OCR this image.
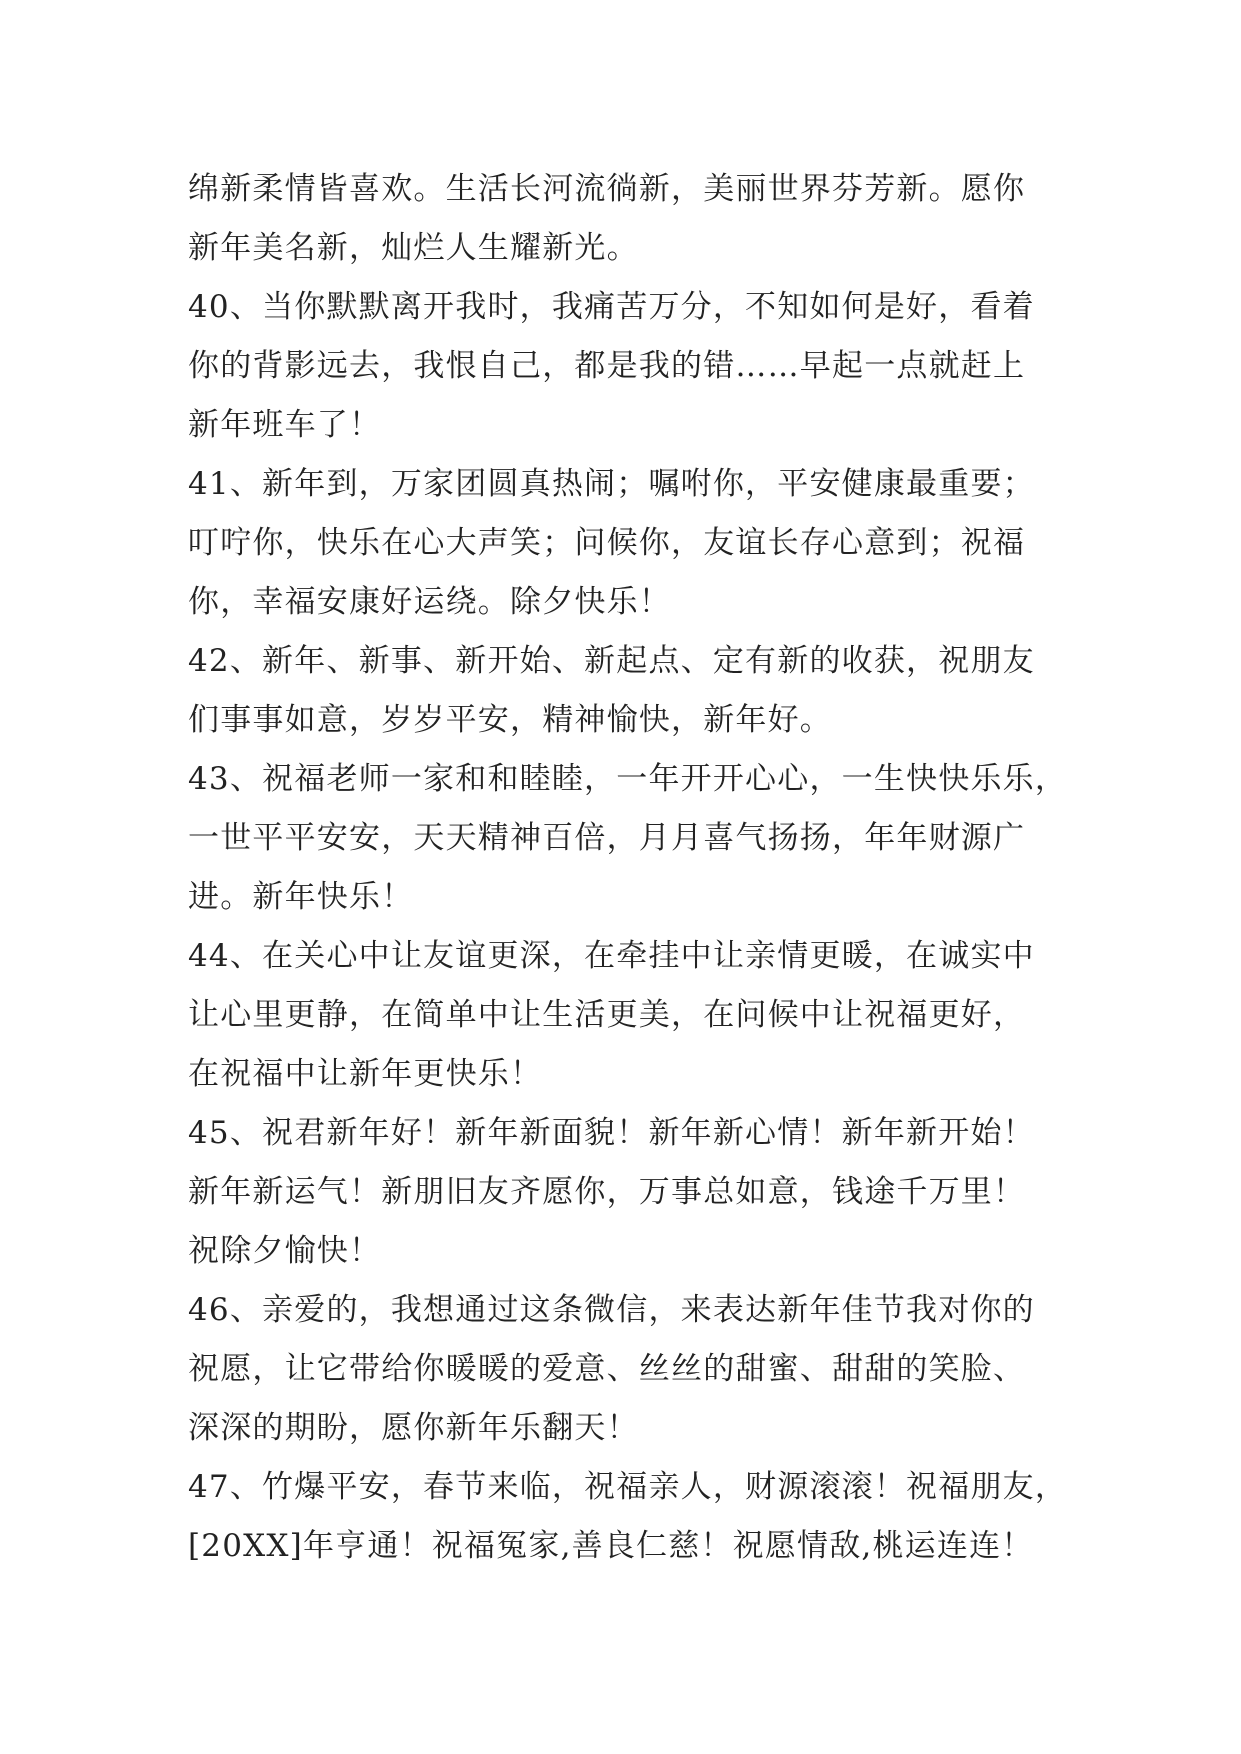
绵新柔情皆喜欢。生活长河流徜新，美丽世界芬芳新。愿你
新年美名新，灿烂人生耀新光。
40、当你默默离开我时，我痛苦万分，不知如何是好，看着
你的背影远去，我恨自己，都是我的错……早起一点就赶上
新年班车了！
41、新年到，万家团圆真热闹；嘱咐你，平安健康最重要；
叮咛你，快乐在心大声笑；问候你，友谊长存心意到；祝福
你，幸福安康好运绕。除夕快乐！
42、新年、新事、新开始、新起点、定有新的收获，祝朋友
们事事如意，岁岁平安，精神愉快，新年好。
43、祝福老师一家和和睦睦，一年开开心心，一生快快乐乐，
一世平平安安，天天精神百倍，月月喜气扬扬，年年财源广
进。新年快乐！
44、在关心中让友谊更深，在牵挂中让亲情更暖，在诚实中
让心里更静，在简单中让生活更美，在问候中让祝福更好，
在祝福中让新年更快乐！
45、祝君新年好！新年新面貌！新年新心情！新年新开始！
新年新运气！新朋旧友齐愿你，万事总如意，钱途千万里！
祝除夕愉快！
46、亲爱的，我想通过这条微信，来表达新年佳节我对你的
祝愿，让它带给你暖暖的爱意、丝丝的甜蜜、甜甜的笑脸、
深深的期盼，愿你新年乐翻天！
47、竹爆平安，春节来临，祝福亲人，财源滚滚！祝福朋友，
[20XX]年亨通！祝福冤家,善良仁慈！祝愿情敌,桃运连连！
